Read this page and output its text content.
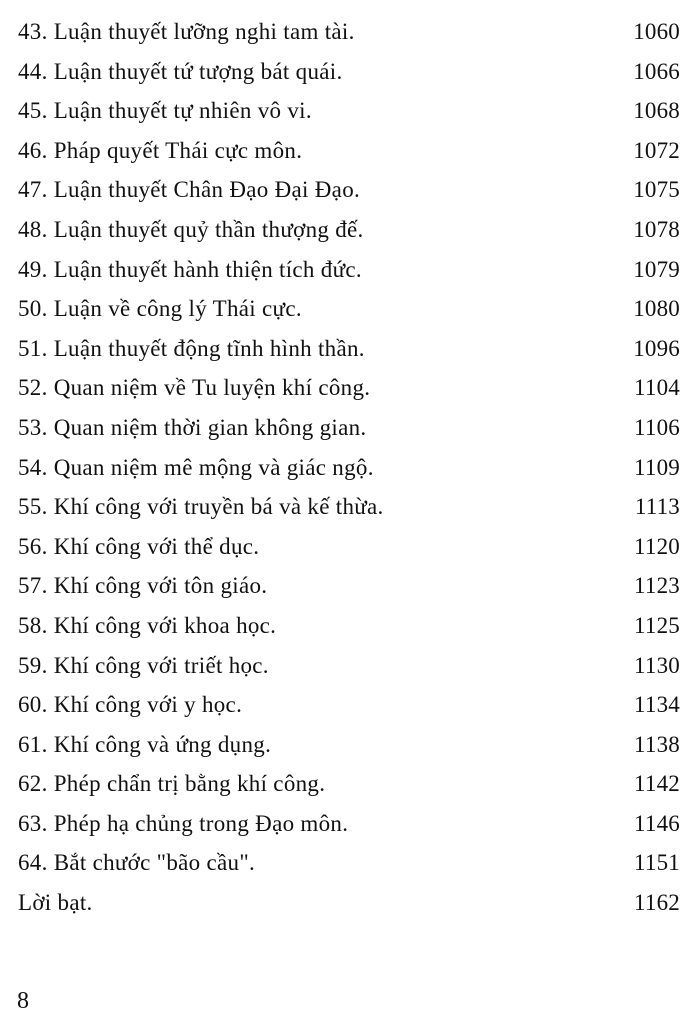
43. Luận thuyết lưỡng nghi tam tài.	1060
44. Luận thuyết tứ tượng bát quái.	1066
45. Luận thuyết tự nhiên vô vi.	1068
46. Pháp quyết Thái cực môn.	1072
47. Luận thuyết Chân Đạo Đại Đạo.	1075
48. Luận thuyết quỷ thần thượng đế.	1078
49. Luận thuyết hành thiện tích đức.	1079
50. Luận về công lý Thái cực.	1080
51. Luận thuyết động tĩnh hình thần.	1096
52. Quan niệm về Tu luyện khí công.	1104
53. Quan niệm thời gian không gian.	1106
54. Quan niệm mê mộng và giác ngộ.	1109
55. Khí công với truyền bá và kế thừa.	1113
56. Khí công với thể dục.	1120
57. Khí công với tôn giáo.	1123
58. Khí công với khoa học.	1125
59. Khí công với triết học.	1130
60. Khí công với y học.	1134
61. Khí công và ứng dụng.	1138
62. Phép chẩn trị bằng khí công.	1142
63. Phép hạ chủng trong Đạo môn.	1146
64. Bắt chước "bão cầu".	1151
Lời bạt.	1162
8
